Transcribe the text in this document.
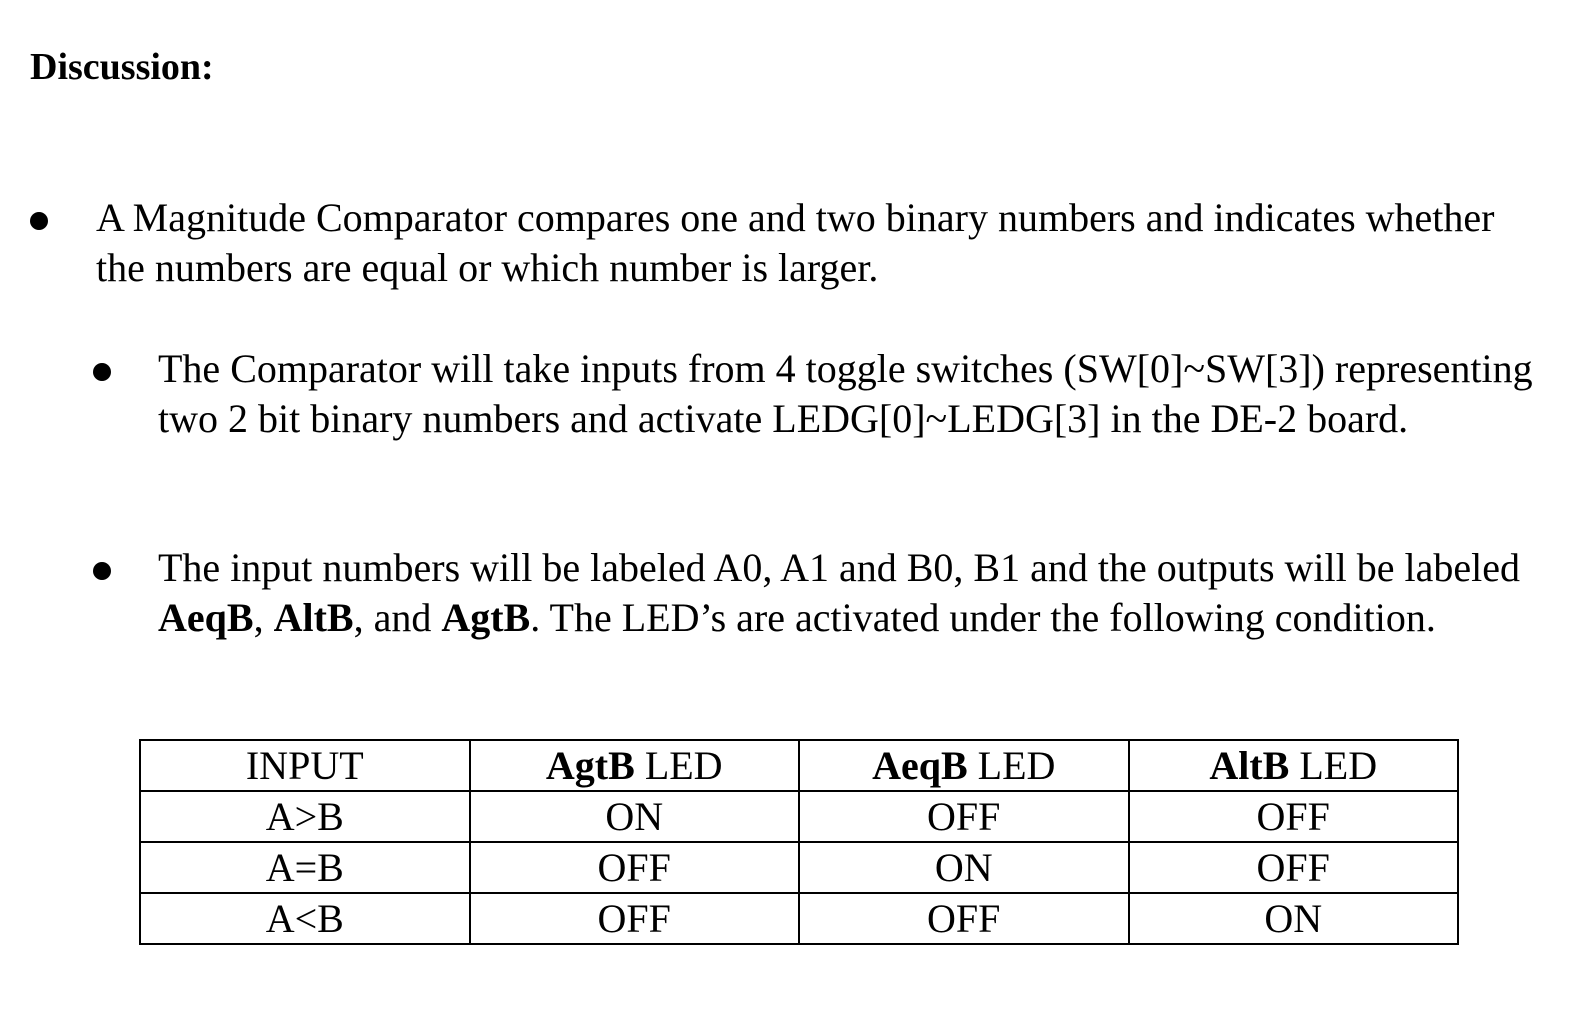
Discussion:
A Magnitude Comparator compares one and two binary numbers and indicates whether the numbers are equal or which number is larger.
The Comparator will take inputs from 4 toggle switches (SW[0]~SW[3]) representing two 2 bit binary numbers and activate LEDG[0]~LEDG[3] in the DE-2 board.
The input numbers will be labeled A0, A1 and B0, B1 and the outputs will be labeled AeqB, AltB, and AgtB. The LED’s are activated under the following condition.
INPUT	AgtB LED	AeqB LED	AltB LED
A>B	ON	OFF	OFF
A=B	OFF	ON	OFF
A<B	OFF	OFF	ON
